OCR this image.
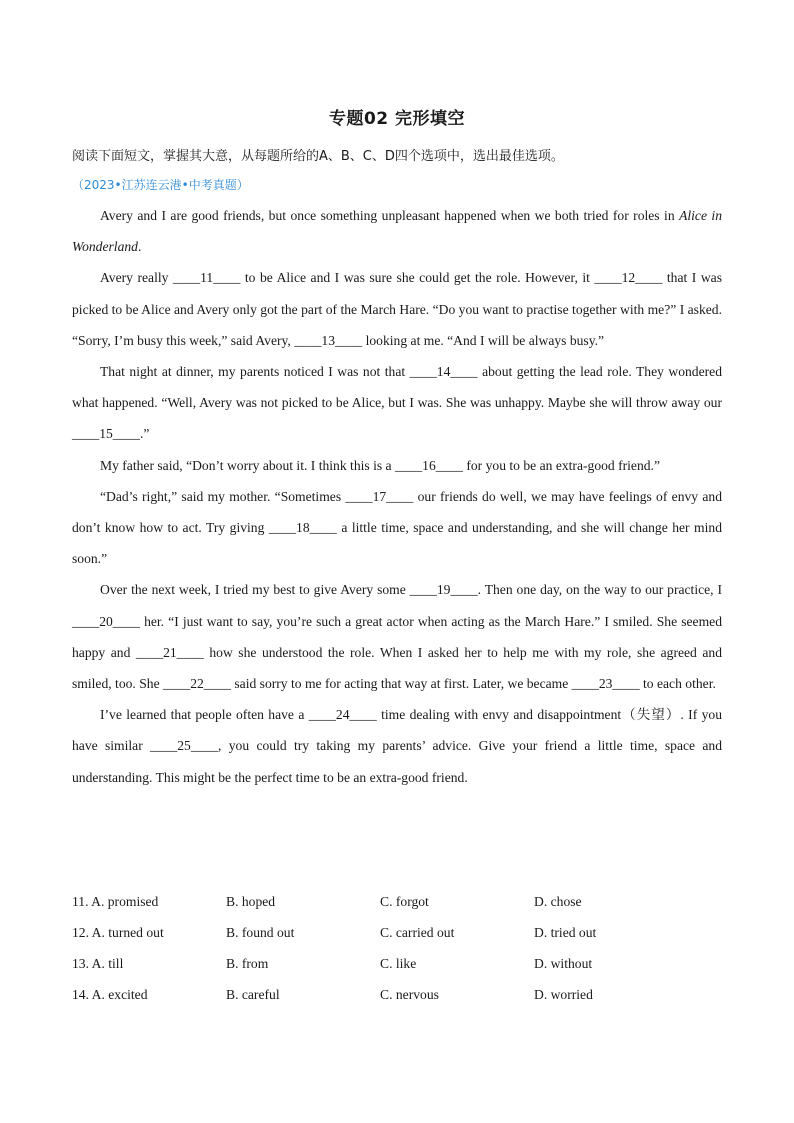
专题02 完形填空
阅读下面短文，掌握其大意，从每题所给的A、B、C、D四个选项中，选出最佳选项。
（2023•江苏连云港•中考真题）

Avery and I are good friends, but once something unpleasant happened when we both tried for roles in Alice in Wonderland.

Avery really ____11____ to be Alice and I was sure she could get the role. However, it ____12____ that I was picked to be Alice and Avery only got the part of the March Hare. “Do you want to practise together with me?” I asked. “Sorry, I’m busy this week,” said Avery, ____13____ looking at me. “And I will be always busy.”

That night at dinner, my parents noticed I was not that ____14____ about getting the lead role. They wondered what happened. “Well, Avery was not picked to be Alice, but I was. She was unhappy. Maybe she will throw away our ____15____.”

My father said, “Don’t worry about it. I think this is a ____16____ for you to be an extra-good friend.”

“Dad’s right,” said my mother. “Sometimes ____17____ our friends do well, we may have feelings of envy and don’t know how to act. Try giving ____18____ a little time, space and understanding, and she will change her mind soon.”

Over the next week, I tried my best to give Avery some ____19____. Then one day, on the way to our practice, I ____20____ her. “I just want to say, you’re such a great actor when acting as the March Hare.” I smiled. She seemed happy and ____21____ how she understood the role. When I asked her to help me with my role, she agreed and smiled, too. She ____22____ said sorry to me for acting that way at first. Later, we became ____23____ to each other.

I’ve learned that people often have a ____24____ time dealing with envy and disappointment（失望）. If you have similar ____25____, you could try taking my parents’ advice. Give your friend a little time, space and understanding. This might be the perfect time to be an extra-good friend.

11. A. promised	B. hoped	C. forgot	D. chose
12. A. turned out	B. found out	C. carried out	D. tried out
13. A. till	B. from	C. like	D. without
14. A. excited	B. careful	C. nervous	D. worried
